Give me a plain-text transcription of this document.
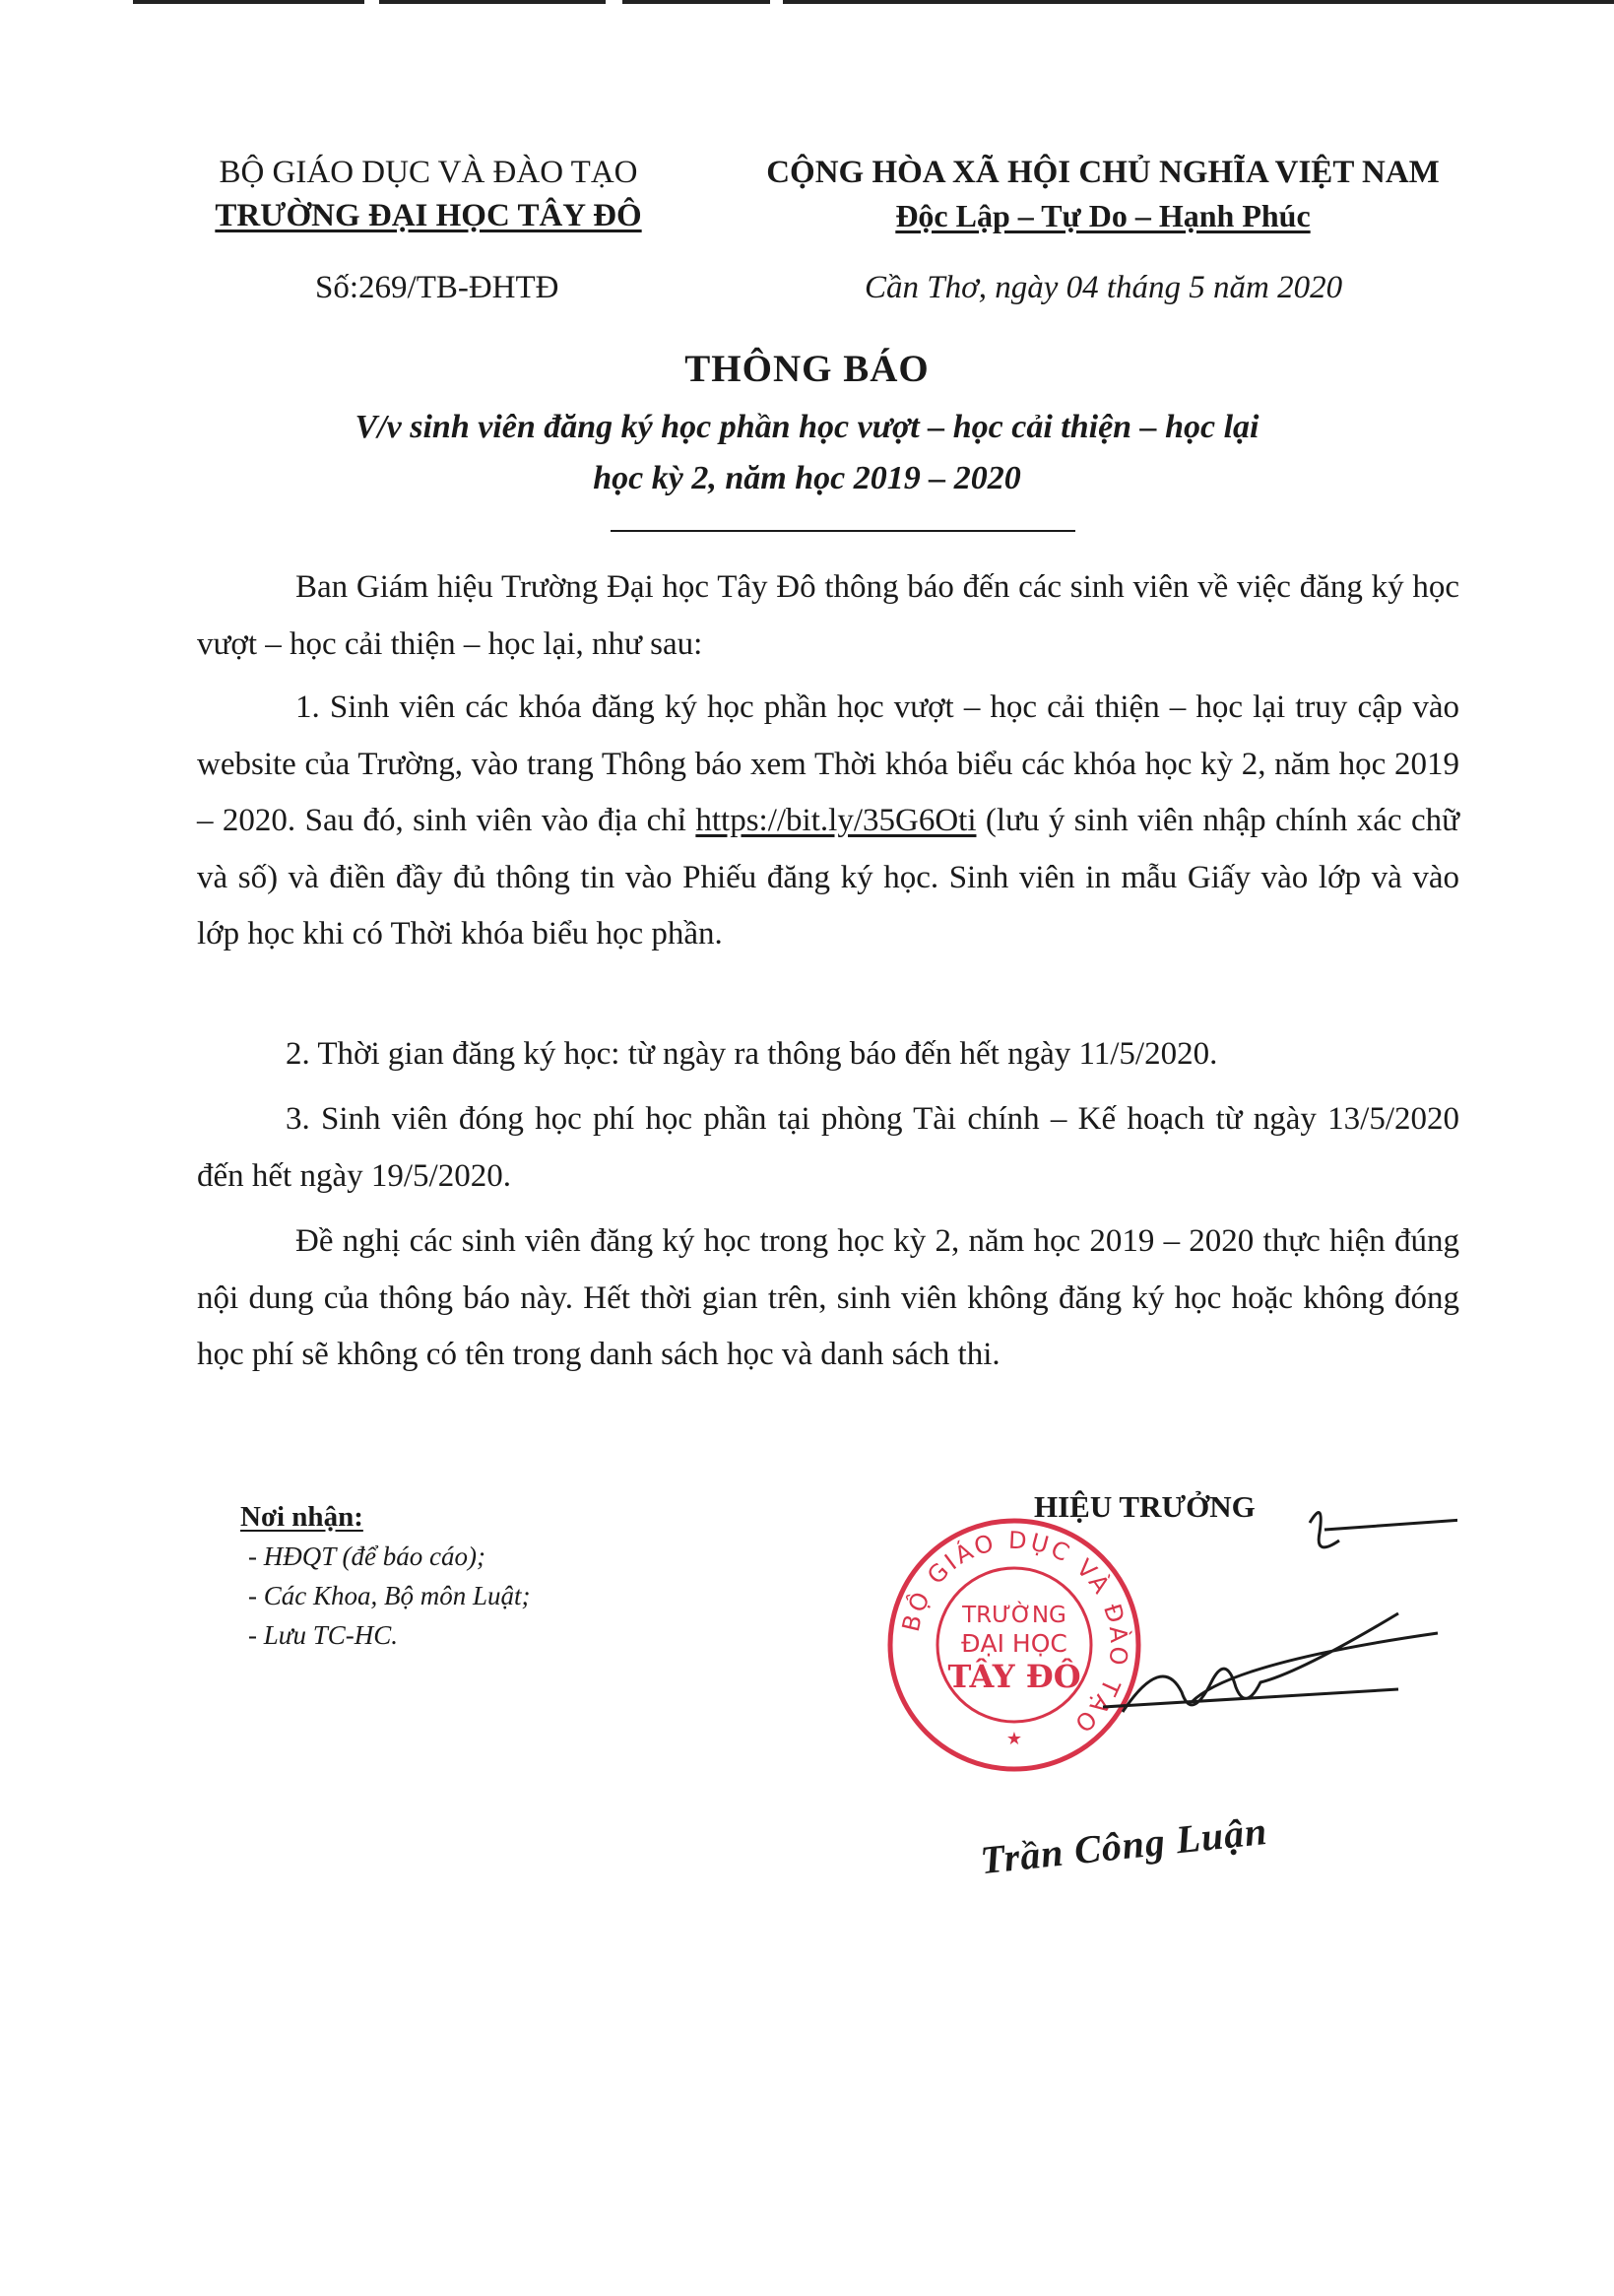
BỘ GIÁO DỤC VÀ ĐÀO TẠO
TRƯỜNG ĐẠI HỌC TÂY ĐÔ
Số:269/TB-ĐHTĐ
CỘNG HÒA XÃ HỘI CHỦ NGHĨA VIỆT NAM
Độc Lập – Tự Do – Hạnh Phúc
Cần Thơ, ngày 04 tháng 5 năm 2020
THÔNG BÁO
V/v sinh viên đăng ký học phần học vượt – học cải thiện – học lại
học kỳ 2, năm học 2019 – 2020
Ban Giám hiệu Trường Đại học Tây Đô thông báo đến các sinh viên về việc đăng ký học vượt – học cải thiện – học lại, như sau:
1. Sinh viên các khóa đăng ký học phần học vượt – học cải thiện – học lại truy cập vào website của Trường, vào trang Thông báo xem Thời khóa biểu các khóa học kỳ 2, năm học 2019 – 2020. Sau đó, sinh viên vào địa chỉ https://bit.ly/35G6Oti (lưu ý sinh viên nhập chính xác chữ và số) và điền đầy đủ thông tin vào Phiếu đăng ký học. Sinh viên in mẫu Giấy vào lớp và vào lớp học khi có Thời khóa biểu học phần.
2. Thời gian đăng ký học: từ ngày ra thông báo đến hết ngày 11/5/2020.
3. Sinh viên đóng học phí học phần tại phòng Tài chính – Kế hoạch từ ngày 13/5/2020 đến hết ngày 19/5/2020.
Đề nghị các sinh viên đăng ký học trong học kỳ 2, năm học 2019 – 2020 thực hiện đúng nội dung của thông báo này. Hết thời gian trên, sinh viên không đăng ký học hoặc không đóng học phí sẽ không có tên trong danh sách học và danh sách thi.
Nơi nhận:
- HĐQT (để báo cáo);
- Các Khoa, Bộ môn Luật;
- Lưu TC-HC.
HIỆU TRƯỞNG
BỘ GIÁO DỤC VÀ ĐÀO TẠO
TRƯỜNG
ĐẠI HỌC
TÂY ĐÔ
★
Trần Công Luận
